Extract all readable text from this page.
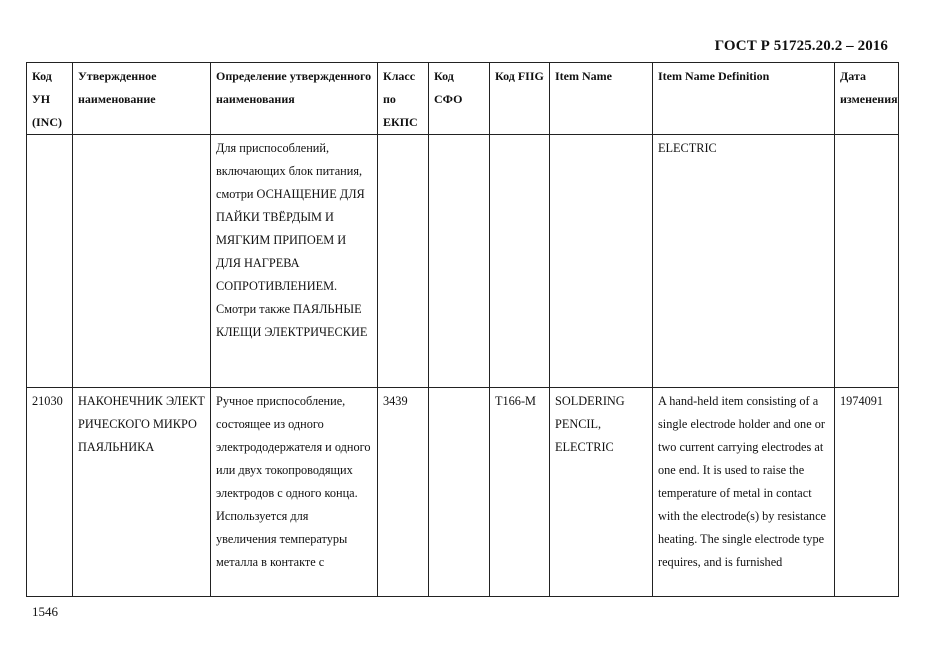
ГОСТ Р 51725.20.2 – 2016
Код УН (INC)	Утвержденное наименование	Определение утвержденного наименования	Класс по ЕКПС	Код СФО	Код FIIG	Item Name	Item Name Definition	Дата изменения
		Для приспособлений, включающих блок питания, смотри ОСНАЩЕНИЕ ДЛЯ ПАЙКИ ТВЁРДЫМ И МЯГКИМ ПРИПОЕМ И ДЛЯ НАГРЕВА СОПРОТИВЛЕНИЕМ. Смотри также ПАЯЛЬНЫЕ КЛЕЩИ ЭЛЕКТРИЧЕСКИЕ					ELECTRIC	
21030	НАКОНЕЧНИК ЭЛЕКТРИЧЕСКОГО МИКРОПАЯЛЬНИКА	Ручное приспособление, состоящее из одного электрододержателя и одного или двух токопроводящих электродов с одного конца. Используется для увеличения температуры металла в контакте с	3439		T166-M	SOLDERING PENCIL, ELECTRIC	A hand-held item consisting of a single electrode holder and one or two current carrying electrodes at one end. It is used to raise the temperature of metal in contact with the electrode(s) by resistance heating. The single electrode type requires, and is furnished	1974091
1546
